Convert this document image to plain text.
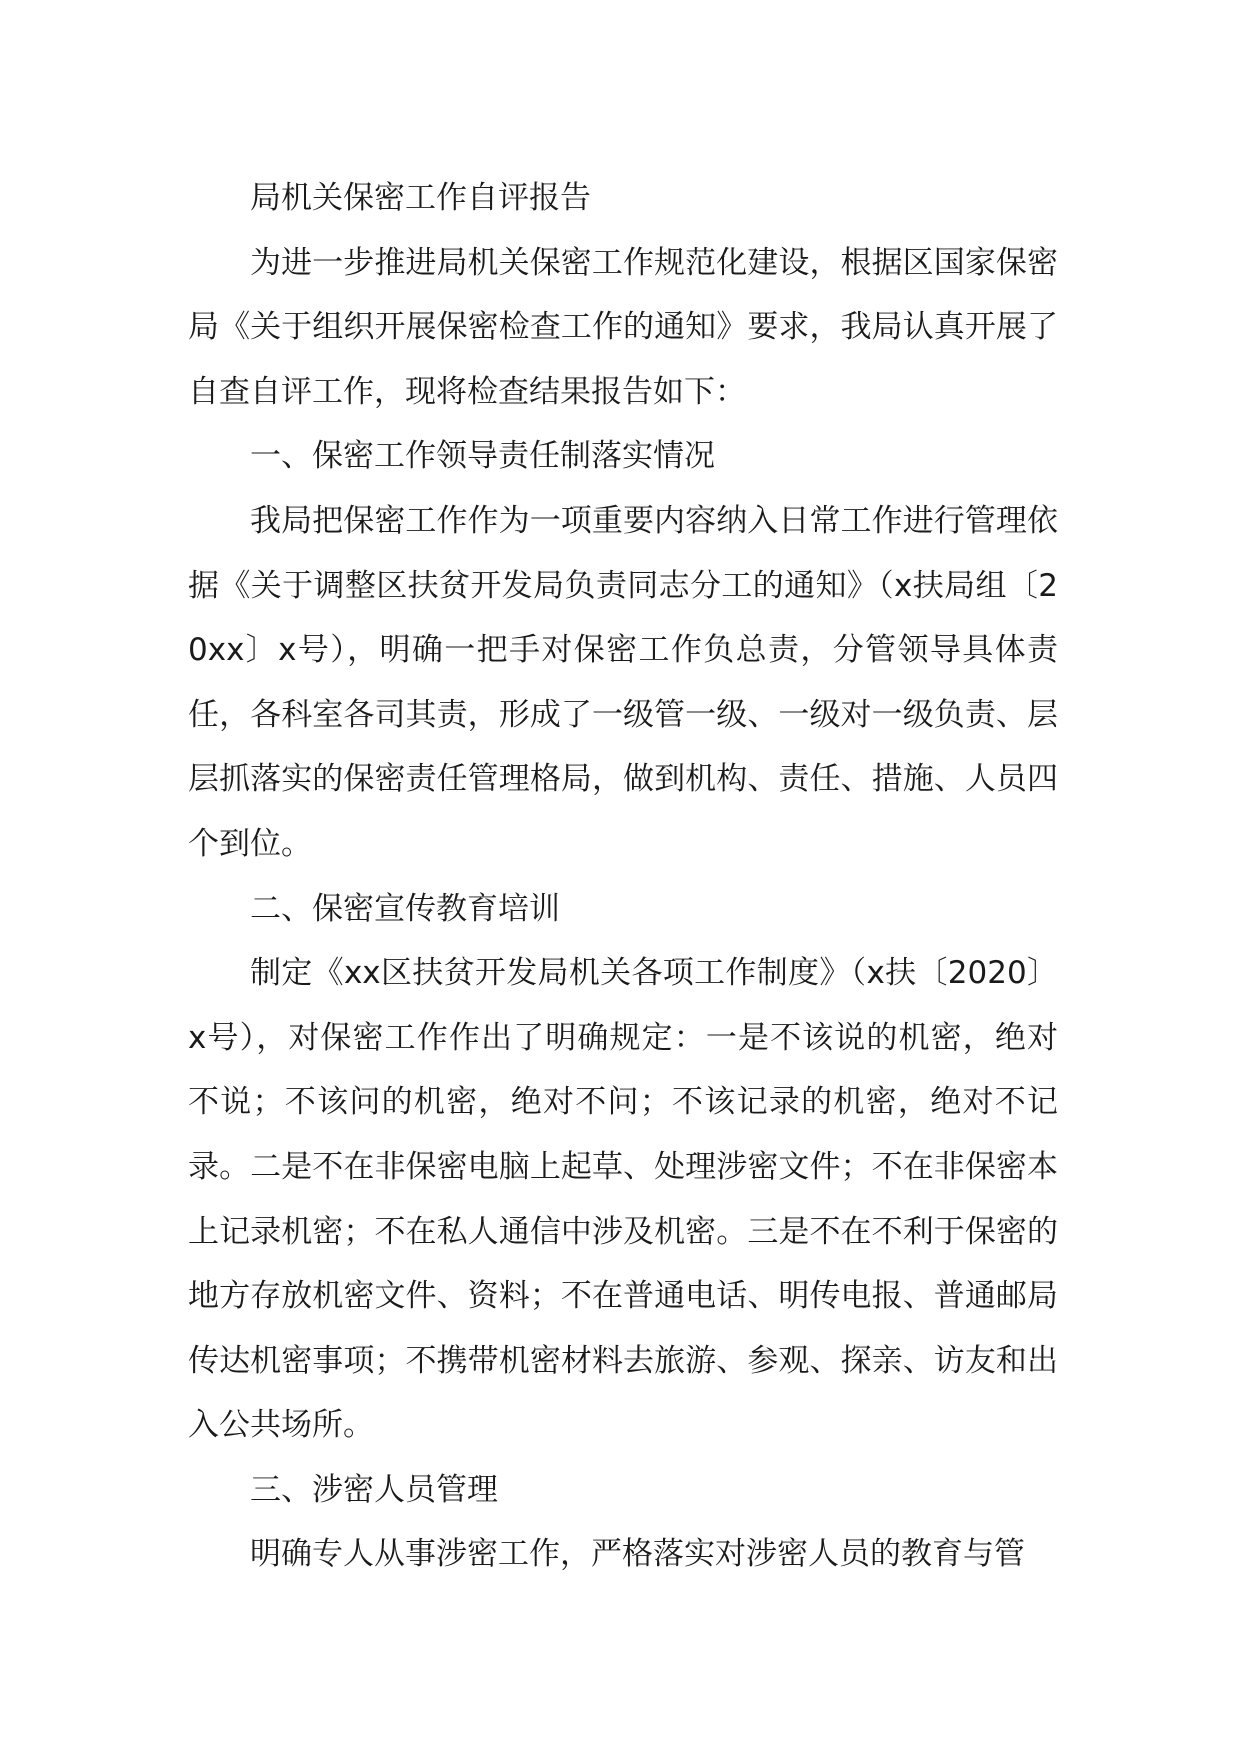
局机关保密工作自评报告

为进一步推进局机关保密工作规范化建设，根据区国家保密局《关于组织开展保密检查工作的通知》要求，我局认真开展了自查自评工作，现将检查结果报告如下：

一、保密工作领导责任制落实情况

我局把保密工作作为一项重要内容纳入日常工作进行管理依据《关于调整区扶贫开发局负责同志分工的通知》（x扶局组〔20xx〕x号），明确一把手对保密工作负总责，分管领导具体责任，各科室各司其责，形成了一级管一级、一级对一级负责、层层抓落实的保密责任管理格局，做到机构、责任、措施、人员四个到位。

二、保密宣传教育培训

制定《xx区扶贫开发局机关各项工作制度》（x扶〔2020〕x号），对保密工作作出了明确规定：一是不该说的机密，绝对不说；不该问的机密，绝对不问；不该记录的机密，绝对不记录。二是不在非保密电脑上起草、处理涉密文件；不在非保密本上记录机密；不在私人通信中涉及机密。三是不在不利于保密的地方存放机密文件、资料；不在普通电话、明传电报、普通邮局传达机密事项；不携带机密材料去旅游、参观、探亲、访友和出入公共场所。

三、涉密人员管理

明确专人从事涉密工作，严格落实对涉密人员的教育与管
